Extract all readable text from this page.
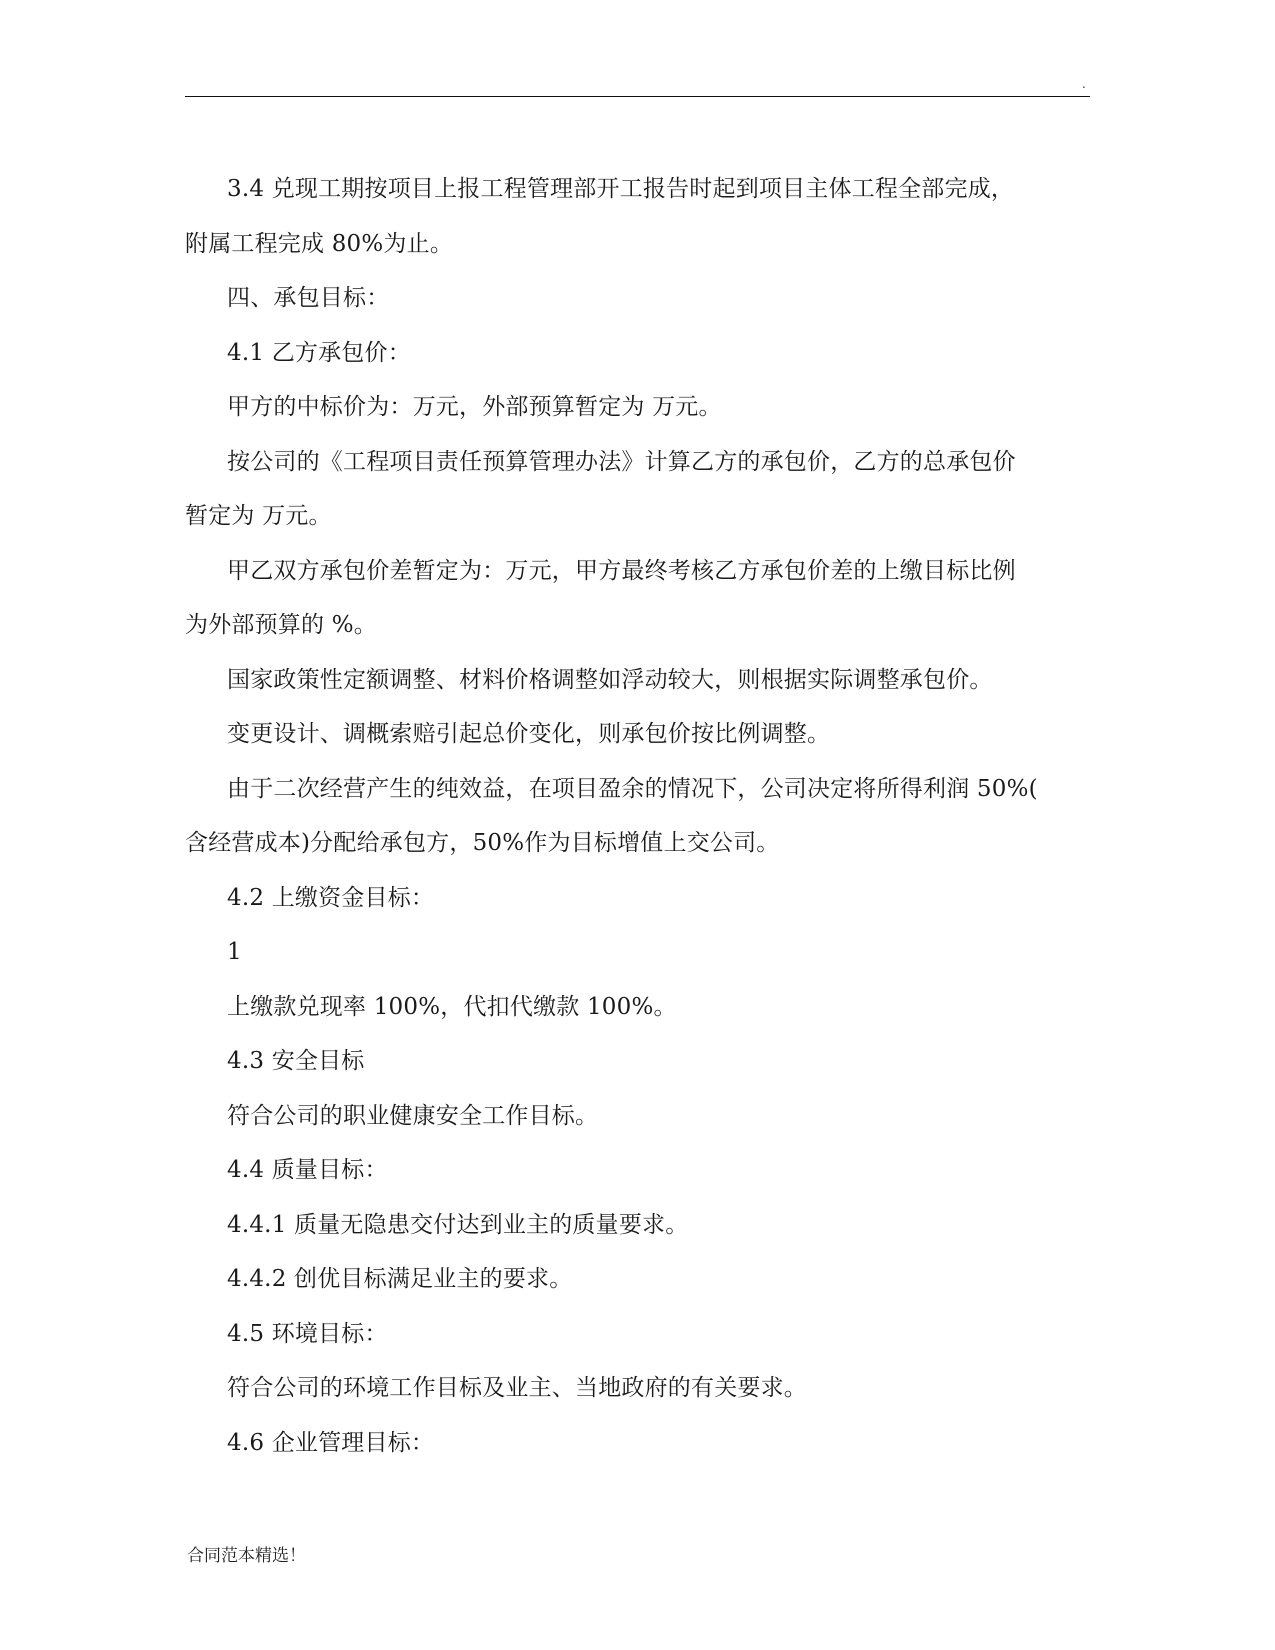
.

3.4 兑现工期按项目上报工程管理部开工报告时起到项目主体工程全部完成，

附属工程完成 80%为止。

四、承包目标：

4.1 乙方承包价：

甲方的中标价为：万元，外部预算暂定为 万元。

按公司的《工程项目责任预算管理办法》计算乙方的承包价，乙方的总承包价

暂定为 万元。

甲乙双方承包价差暂定为：万元，甲方最终考核乙方承包价差的上缴目标比例

为外部预算的 %。

国家政策性定额调整、材料价格调整如浮动较大，则根据实际调整承包价。

变更设计、调概索赔引起总价变化，则承包价按比例调整。

由于二次经营产生的纯效益，在项目盈余的情况下，公司决定将所得利润 50%(

含经营成本)分配给承包方，50%作为目标增值上交公司。

4.2 上缴资金目标：

1

上缴款兑现率 100%，代扣代缴款 100%。

4.3 安全目标

符合公司的职业健康安全工作目标。

4.4 质量目标：

4.4.1 质量无隐患交付达到业主的质量要求。

4.4.2 创优目标满足业主的要求。

4.5 环境目标：

符合公司的环境工作目标及业主、当地政府的有关要求。

4.6 企业管理目标：

合同范本精选！
